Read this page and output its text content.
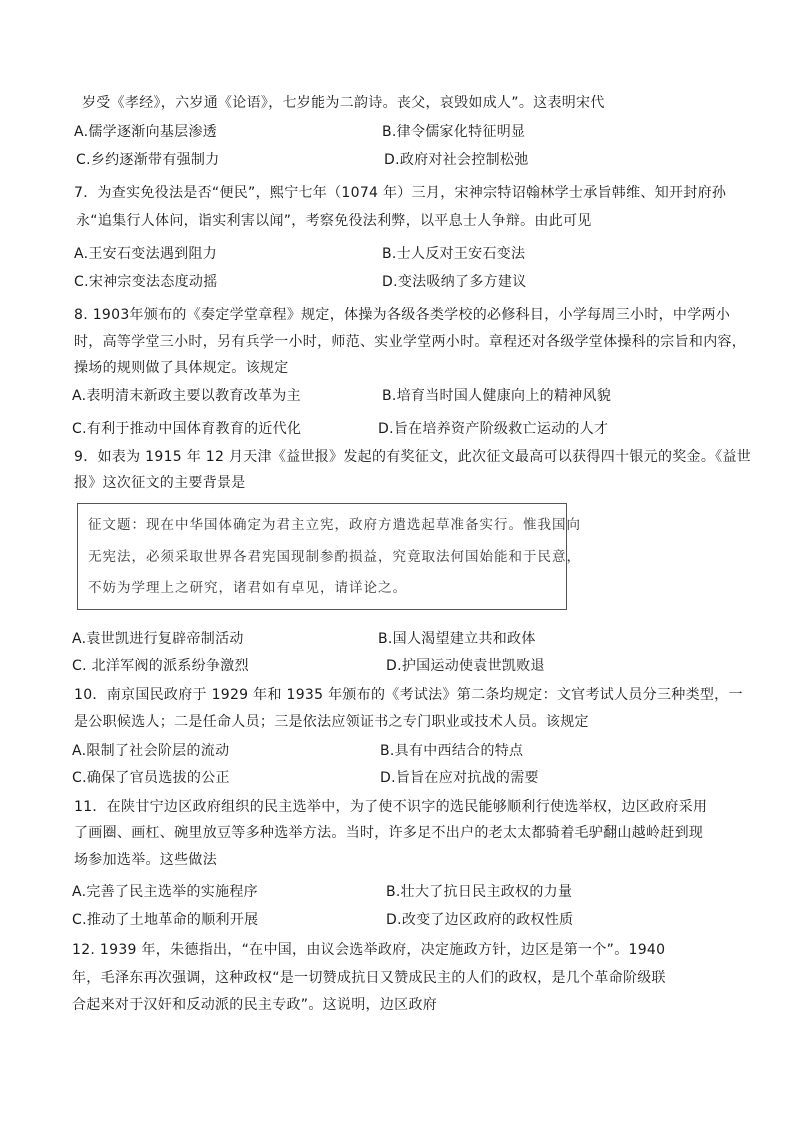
岁受《孝经》，六岁通《论语》，七岁能为二韵诗。丧父，哀毁如成人”。这表明宋代
A.儒学逐渐向基层渗透	B.律令儒家化特征明显
C.乡约逐渐带有强制力	D.政府对社会控制松弛
7．为查实免役法是否“便民”，熙宁七年（1074 年）三月，宋神宗特诏翰林学士承旨韩维、知开封府孙
永“追集行人体问，诣实利害以闻”，考察免役法利弊，以平息士人争辩。由此可见
A.王安石变法遇到阻力	B.士人反对王安石变法
C.宋神宗变法态度动摇	D.变法吸纳了多方建议
8. 1903年颁布的《奏定学堂章程》规定，体操为各级各类学校的必修科目，小学每周三小时，中学两小
时，高等学堂三小时，另有兵学一小时，师范、实业学堂两小时。章程还对各级学堂体操科的宗旨和内容，
操场的规则做了具体规定。该规定
A.表明清末新政主要以教育改革为主	B.培育当时国人健康向上的精神风貌
C.有利于推动中国体育教育的近代化	D.旨在培养资产阶级救亡运动的人才
9．如表为 1915 年 12 月天津《益世报》发起的有奖征文，此次征文最高可以获得四十银元的奖金。《益世
报》这次征文的主要背景是
征文题：现在中华国体确定为君主立宪，政府方遣选起草准备实行。惟我国向
无宪法，必须采取世界各君宪国现制参酌损益，究竟取法何国始能和于民意，
不妨为学理上之研究，诸君如有卓见，请详论之。
A.袁世凯进行复辟帝制活动	B.国人渴望建立共和政体
C. 北洋军阀的派系纷争激烈	D.护国运动使袁世凯败退
10．南京国民政府于 1929 年和 1935 年颁布的《考试法》第二条均规定：文官考试人员分三种类型，一
是公职候选人；二是任命人员；三是依法应领证书之专门职业或技术人员。该规定
A.限制了社会阶层的流动	B.具有中西结合的特点
C.确保了官员选拔的公正	D.旨旨在应对抗战的需要
11．在陕甘宁边区政府组织的民主选举中，为了使不识字的选民能够顺利行使选举权，边区政府采用
了画圈、画杠、碗里放豆等多种选举方法。当时，许多足不出户的老太太都骑着毛驴翻山越岭赶到现
场参加选举。这些做法
A.完善了民主选举的实施程序	B.壮大了抗日民主政权的力量
C.推动了土地革命的顺利开展	D.改变了边区政府的政权性质
12. 1939 年，朱德指出，“在中国，由议会选举政府，决定施政方针，边区是第一个”。1940
年，毛泽东再次强调，这种政权“是一切赞成抗日又赞成民主的人们的政权，是几个革命阶级联
合起来对于汉奸和反动派的民主专政”。这说明，边区政府
